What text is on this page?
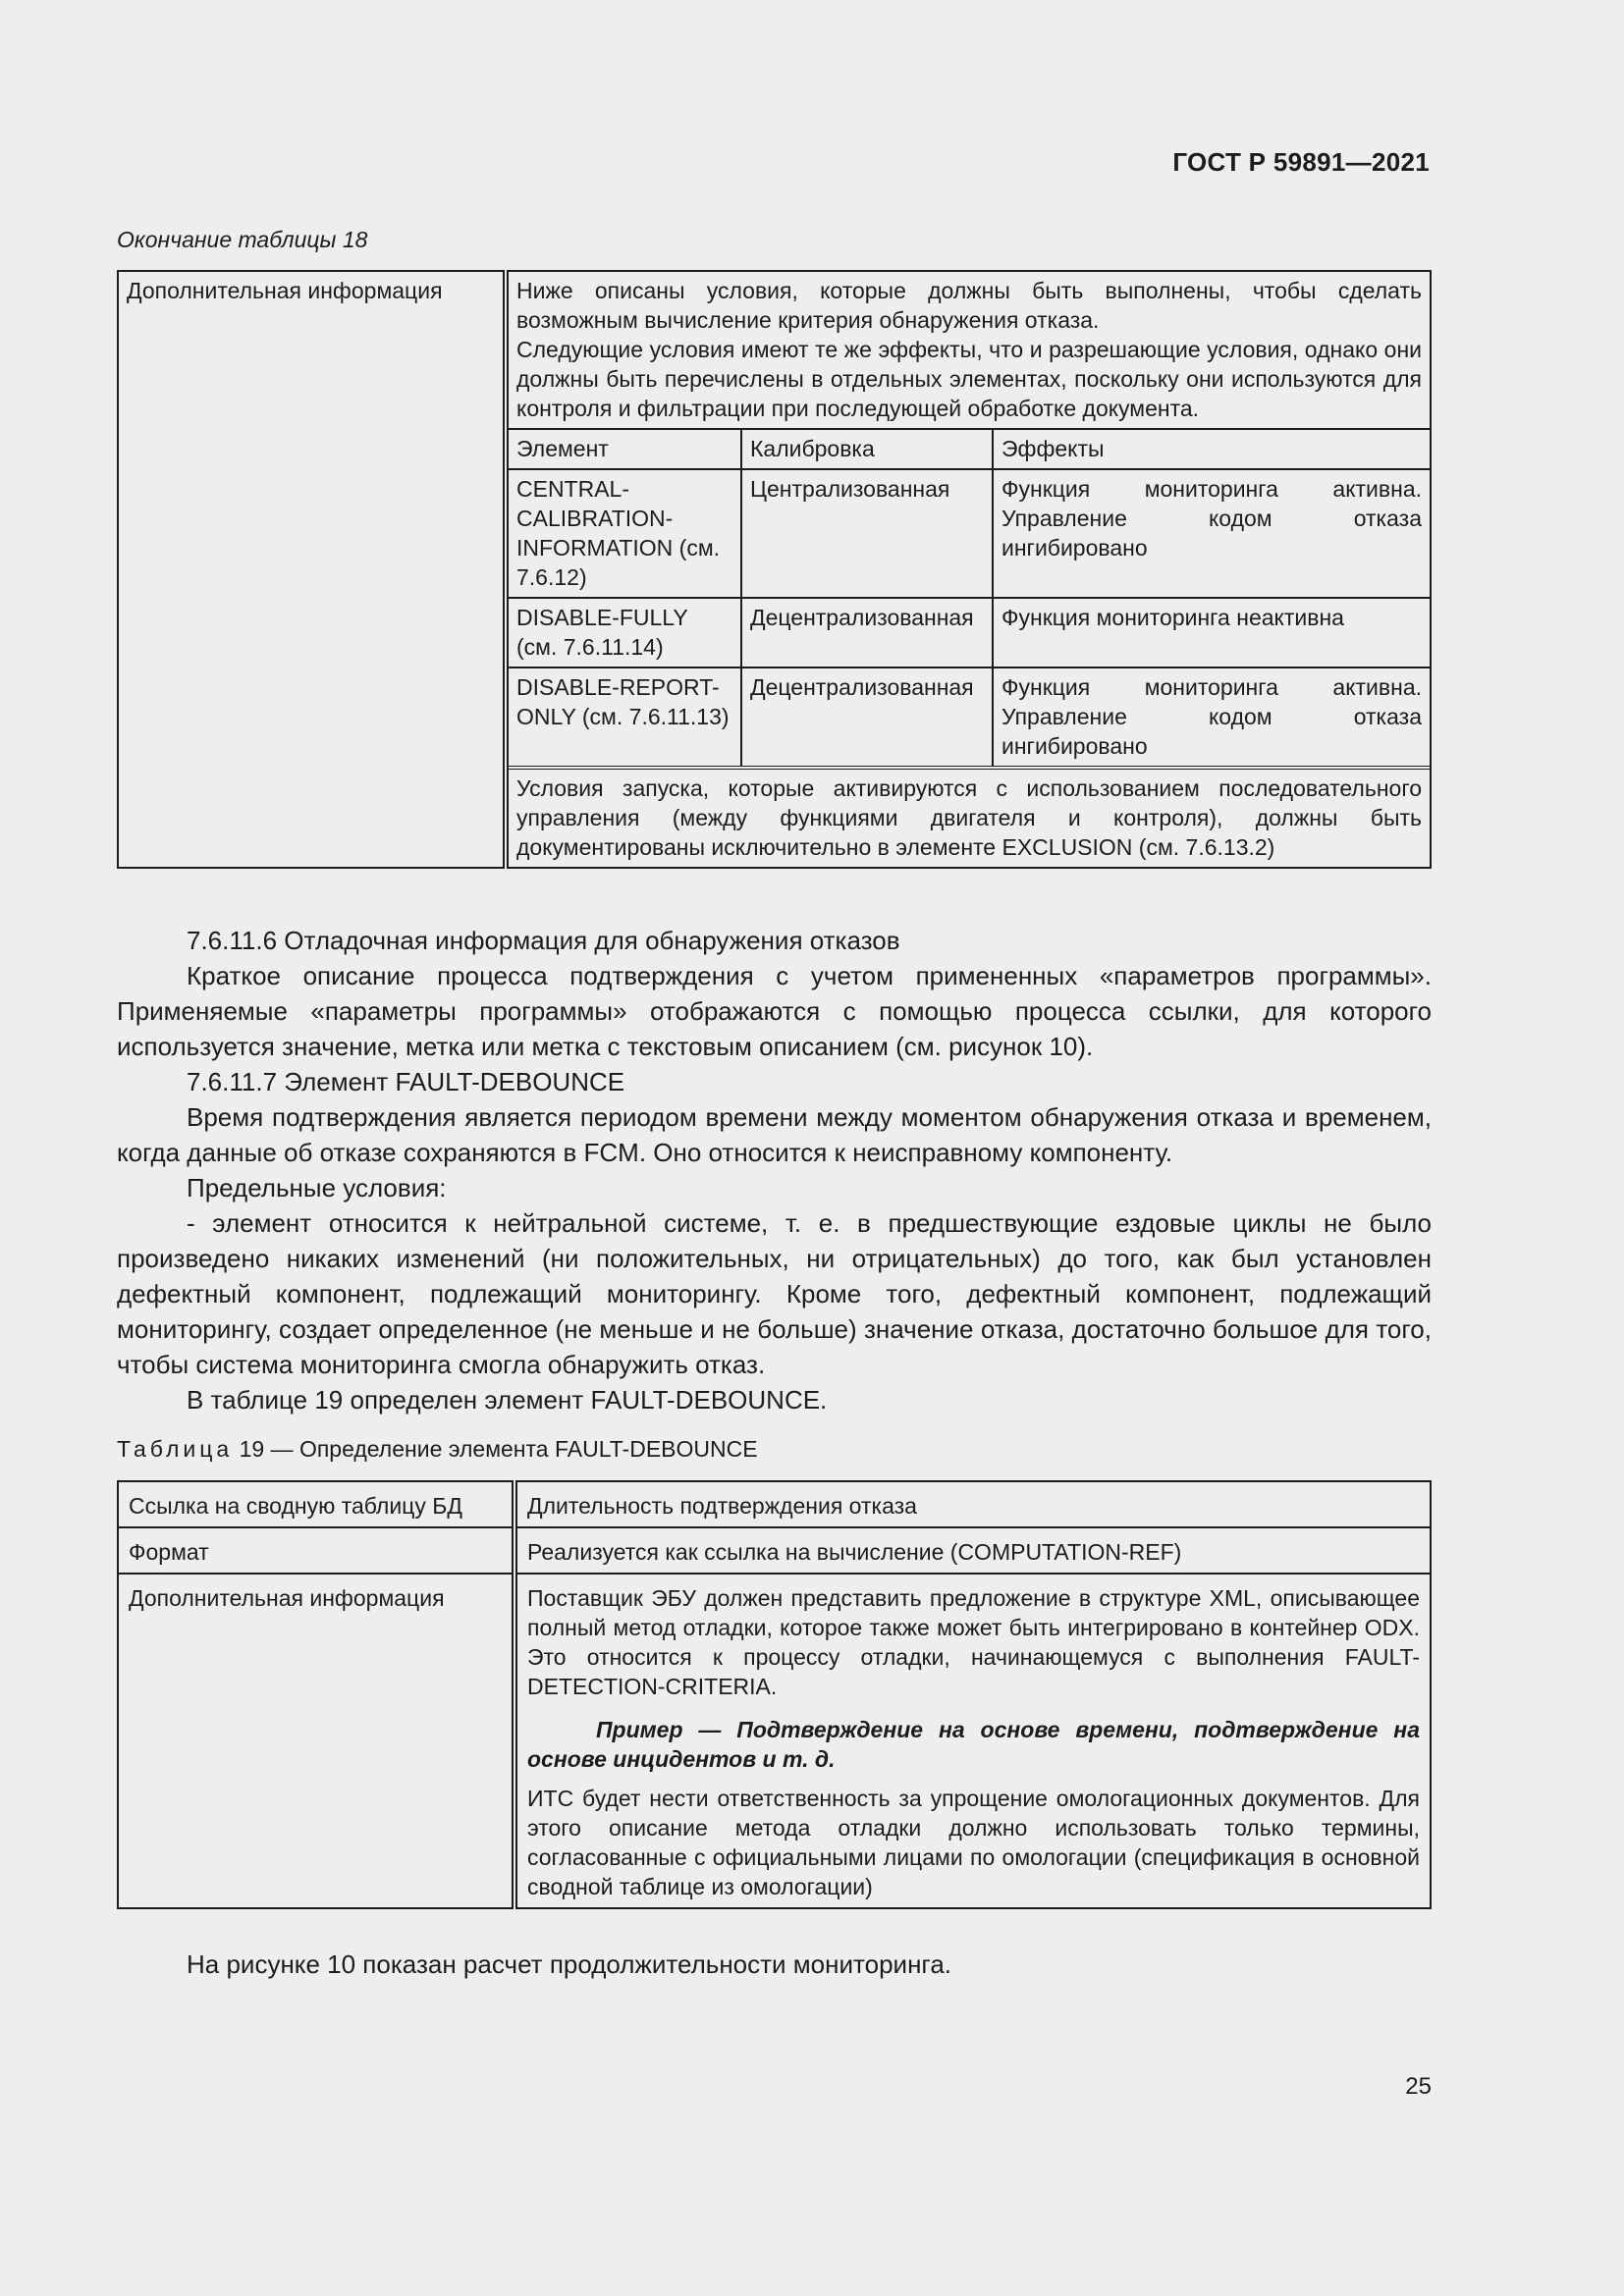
ГОСТ Р 59891—2021
Окончание таблицы 18
Дополнительная информация		Ниже описаны условия, которые должны быть выполнены, чтобы сделать возможным вычисление критерия обнаружения отказа.
Следующие условия имеют те же эффекты, что и разрешающие условия, однако они должны быть перечислены в отдельных элементах, поскольку они используются для контроля и фильтрации при последующей обработке документа.

Элемент	Калибровка	Эффекты
CENTRAL-CALIBRATION-INFORMATION (см. 7.6.12)	Централизованная	Функция мониторинга активна. Управление кодом отказа ингибировано
DISABLE-FULLY (см. 7.6.11.14)	Децентрализованная	Функция мониторинга неактивна
DISABLE-REPORT-ONLY (см. 7.6.11.13)	Децентрализованная	Функция мониторинга активна. Управление кодом отказа ингибировано
Условия запуска, которые активируются с использованием последовательного управления (между функциями двигателя и контроля), должны быть документированы исключительно в элементе EXCLUSION (см. 7.6.13.2)

7.6.11.6 Отладочная информация для обнаружения отказов

Краткое описание процесса подтверждения с учетом примененных «параметров программы». Применяемые «параметры программы» отображаются с помощью процесса ссылки, для которого используется значение, метка или метка с текстовым описанием (см. рисунок 10).

7.6.11.7 Элемент FAULT-DEBOUNCE

Время подтверждения является периодом времени между моментом обнаружения отказа и временем, когда данные об отказе сохраняются в FCM. Оно относится к неисправному компоненту.

Предельные условия:

- элемент относится к нейтральной системе, т. е. в предшествующие ездовые циклы не было произведено никаких изменений (ни положительных, ни отрицательных) до того, как был установлен дефектный компонент, подлежащий мониторингу. Кроме того, дефектный компонент, подлежащий мониторингу, создает определенное (не меньше и не больше) значение отказа, достаточно большое для того, чтобы система мониторинга смогла обнаружить отказ.

В таблице 19 определен элемент FAULT-DEBOUNCE.

Таблица 19 — Определение элемента FAULT-DEBOUNCE
Ссылка на сводную таблицу БД	Длительность подтверждения отказа
Формат	Реализуется как ссылка на вычисление (COMPUTATION-REF)
Дополнительная информация	Поставщик ЭБУ должен представить предложение в структуре XML, описывающее полный метод отладки, которое также может быть интегрировано в контейнер ODX. Это относится к процессу отладки, начинающемуся с выполнения FAULT-DETECTION-CRITERIA.

Пример — Подтверждение на основе времени, подтверждение на основе инцидентов и т. д.

ИТС будет нести ответственность за упрощение омологационных документов. Для этого описание метода отладки должно использовать только термины, согласованные с официальными лицами по омологации (спецификация в основной сводной таблице из омологации)

На рисунке 10 показан расчет продолжительности мониторинга.
25
